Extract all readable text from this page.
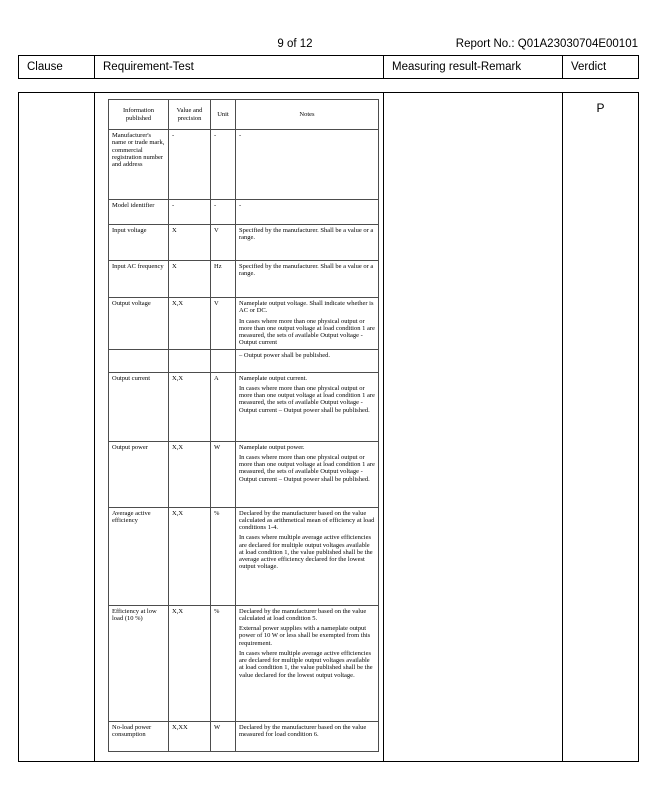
9 of 12	Report No.: Q01A23030704E00101
Clause	Requirement-Test	Measuring result-Remark	Verdict
Information published	Value and precision	Unit	Notes
Manufacturer's name or trade mark, commercial registration number and address	-	-	-

Model identifier	-	-	-

Input voltage	X	V	Specified by the manufacturer. Shall be a value or a range.

Input AC frequency	X	Hz	Specified by the manufacturer. Shall be a value or a range.

Output voltage	X,X	V	Nameplate output voltage. Shall indicate whether is AC or DC.

In cases where more than one physical output or more than one output voltage at load condition 1 are measured, the sets of available Output voltage - Output current

			– Output power shall be published.

Output current	X,X	A	Nameplate output current.

In cases where more than one physical output or more than one output voltage at load condition 1 are measured, the sets of available Output voltage - Output current – Output power shall be published.

Output power	X,X	W	Nameplate output power.

In cases where more than one physical output or more than one output voltage at load condition 1 are measured, the sets of available Output voltage - Output current – Output power shall be published.

Average active efficiency	X,X	%	Declared by the manufacturer based on the value calculated as arithmetical mean of efficiency at load conditions 1-4.

In cases where multiple average active efficiencies are declared for multiple output voltages available at load condition 1, the value published shall be the average active efficiency declared for the lowest output voltage.

Efficiency at low load (10 %)	X,X	%	Declared by the manufacturer based on the value calculated at load condition 5.

External power supplies with a nameplate output power of 10 W or less shall be exempted from this requirement.

In cases where multiple average active efficiencies are declared for multiple output voltages available at load condition 1, the value published shall be the value declared for the lowest output voltage.

No-load power consumption	X,XX	W	Declared by the manufacturer based on the value measured for load condition 6.

P
